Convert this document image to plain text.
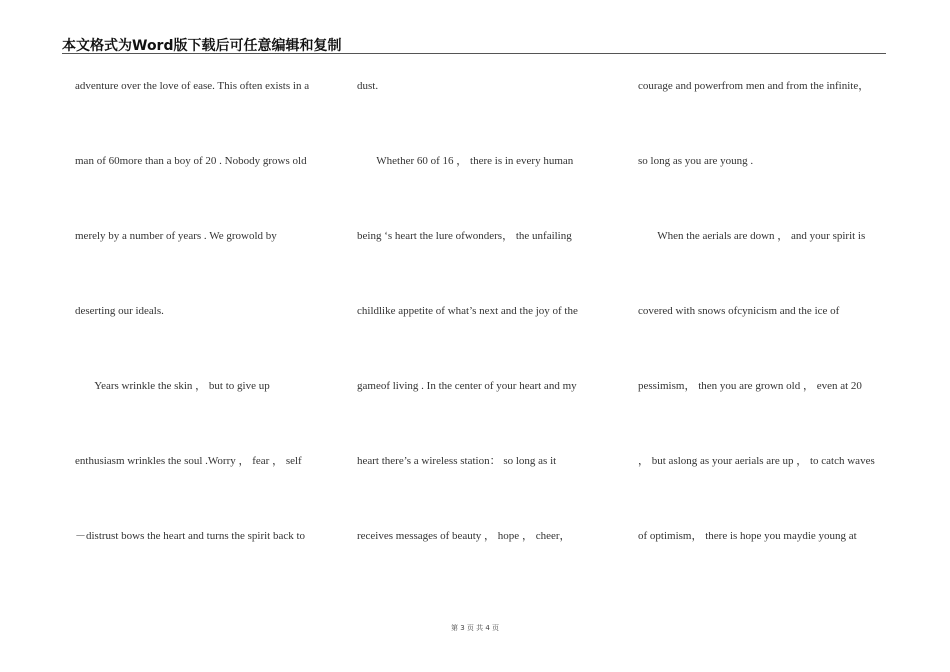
本文格式为Word版下载后可任意编辑和复制
adventure over the love of ease. This often exists in a
man of 60more than a boy of 20 . Nobody grows old
merely by a number of years . We growold by
deserting our ideals.
Years wrinkle the skin ， but to give up
enthusiasm wrinkles the soul .Worry ， fear ， self
－distrust bows the heart and turns the spirit back to
dust.
Whether 60 of 16 ， there is in every human
being ‘s heart the lure ofwonders， the unfailing
childlike appetite of what’s next and the joy of the
gameof living . In the center of your heart and my
heart there’s a wireless station： so long as it
receives messages of beauty ， hope ， cheer，
courage and powerfrom men and from the infinite，
so long as you are young .
When the aerials are down ， and your spirit is
covered with snows ofcynicism and the ice of
pessimism， then you are grown old ， even at 20
， but aslong as your aerials are up ， to catch waves
of optimism， there is hope you maydie young at
第 3 页 共 4 页
